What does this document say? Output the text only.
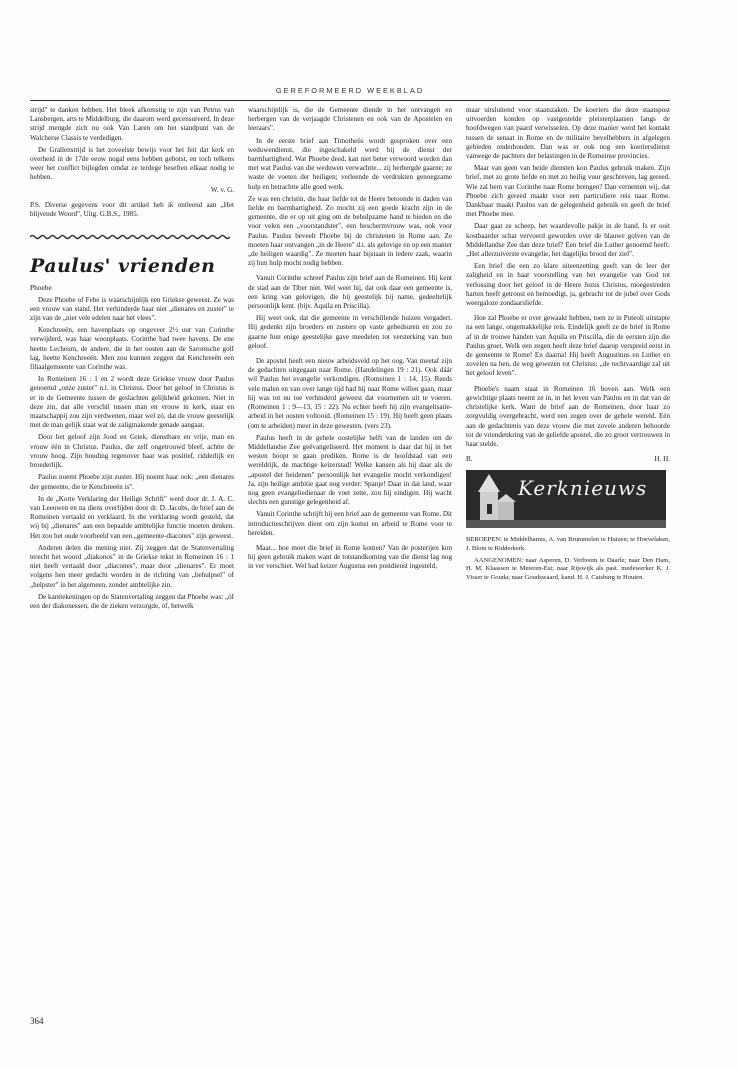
GEREFORMEERD WEEKBLAD

strijd" te danken hebben. Het bleek afkomstig te zijn van Petrus van Lansbergen, arts te Middelburg, die daarom werd gecensureerd. In deze strijd mengde zich nu ook Van Laren om het standpunt van de Walcherse Classis te verdedigen.

De Grallenstrijd is het zoveelste bewijs voor het feit dat kerk en overheid in de 17de eeuw nogal eens hebben gebotst, en toch telkens weer het conflict bijlegden omdat ze terdege beseften elkaar nodig te hebben.

W. v. G.

P.S. Diverse gegevens voor dit artikel heb ik ontleend aan „Het blijvende Woord", Uitg. G.B.S., 1985.

Paulus' vrienden

Phoebe

Deze Phoebe of Febe is waarschijnlijk een Griekse geweest. Ze was een vrouw van stand. Het verhinderde haar niet „dienares en zuster" te zijn van de „niet vele edelen naar het vlees".

Kenchreeën, een havenplaats op ongeveer 2½ uur van Corinthe verwijderd, was haar woonplaats. Corinthe had twee havens. De ene heette Lecheum, de andere, die in het oosten aan de Saronische golf lag, heette Kenchreeën. Men zou kunnen zeggen dat Kenchreeën een filiaalgemeente van Corinthe was.

In Romeinen 16 : 1 en 2 wordt deze Griekse vrouw door Paulus genoemd „onze zuster" n.l. in Christus. Door het geloof in Christus is er in de Gemeente tussen de geslachten gelijkheid gekomen. Niet in deze zin, dat alle verschil tussen man en vrouw in kerk, staat en maatschappij zou zijn verdwenen, maar wel zó, dat de vrouw geestelijk met de man gelijk staat wat de zaligmakende genade aangaat.

Door het geloof zijn Jood en Griek, dienstbare en vrije, man en vrouw één in Christus. Paulus, die zelf ongetrouwd bleef, achtte de vrouw hoog. Zijn houding tegenover haar was positief, ridderlijk en broederlijk.

Paulus noemt Phoebe zijn zuster. Hij noemt haar ook: „een dienares der gemeente, die te Kenchreeën is".

In de „Korte Verklaring der Heilige Schrift" werd door dr. J. A. C. van Leeuwen en na diens overlijden door dr. D. Jacobs, de brief aan de Romeinen vertaald en verklaard. In die verklaring wordt gesteld, dat wij bij „dienares" aan een bepaalde ambtelijke functie moeten denken. Het zou het oude voorbeeld van een „gemeente-diacones" zijn geweest.

Anderen delen die mening niet. Zij zeggen dat de Statenvertaling terecht het woord „diakonos" in de Griekse tekst in Romeinen 16 : 1 niet heeft vertaald door „diacones", maar door „dienares". Er moet volgens hen meer gedacht worden in de richting van „behulpsel" of „helpster" in het algemeen, zonder ambtelijke zin.

De kanttekeningen op de Statenvertaling zeggen dat Phoebe was: „óf een der diakonessen, die de zieken verzorgde, óf, hetwelk

waarschijnlijk is, die de Gemeente diende in het ontvangen en herbergen van de verjaagde Christenen en ook van de Apostelen en leeraars".

In de eerste brief aan Timotheüs wordt gesproken over een weduwendienst, die ingeschakeld werd bij de dienst der barmhartigheid. Wat Phoebe deed, kan niet beter verwoord worden dan met wat Paulus van die weduwen verwachtte... zij herbergde gaarne; ze waste de voeten der heiligen; verleende de verdrukten genoegzame hulp en betrachtte alle goed werk.

Ze was een christin, die haar liefde tot de Heere betoonde in daden van liefde en barmhartigheid. Zo mocht zij een goede kracht zijn in de gemeente, die er op uit ging om de behulpzame hand te bieden en die voor velen een „voorstandster", een beschermvrouw was, ook voor Paulus. Paulus beveelt Phoebe bij de christenen in Rome aan. Ze moeten haar ontvangen „in de Heere" d.i. als gelovige en op een manier „de heiligen waardig". Ze moeten haar bijstaan in iedere zaak, waarin zij hun hulp mocht nodig hebben.

Vanuit Corinthe schreef Paulus zijn brief aan de Romeinen. Hij kent de stad aan de Tiber niet. Wel weet hij, dat ook daar een gemeente is, een kring van gelovigen, die hij geestelijk bij name, gedeeltelijk persoonlijk kent. (bijv. Aquila en Priscilla).

Hij weet ook, dat die gemeente in verschillende huizen vergadert. Hij gedenkt zijn broeders en zusters op vaste gebedsuren en zou zo gaarne hun enige geestelijke gave meedelen tot versterking van hun geloof.

De apostel heeft een nieuw arbeidsveld op het oog. Van meetaf zijn de gedachten uitgegaan naar Rome. (Handelingen 19 : 21). Ook dáár wil Paulus het evangelie verkondigen. (Romeinen 1 : 14, 15). Reeds vele malen en van over lange tijd had hij naar Rome willen gaan, maar hij was tot nu toe verhinderd geweest dat voornemen uit te voeren. (Romeinen 1 : 9—13, 15 : 22). Nu echter heeft hij zijn evangelisatie-arbeid in het oosten voltooid. (Romeinen 15 : 19). Hij heeft geen plaats (om te arbeiden) meer in deze gewesten. (vers 23).

Paulus heeft in de gehele oostelijke helft van de landen om de Middellandse Zee geëvangeliseerd. Het moment is daar dat hij in het westen hoopt te gaan prediken. Rome is de hoofdstad van een wereldrijk, de machtige keizerstad! Welke kansen als hij daar als de „apostel der heidenen" persoonlijk het evangelie mocht verkondigen! Ja, zijn heilige ambitie gaat nog verder: Spanje! Daar in dat land, waar nog geen evangeliedienaar de voet zette, zou hij eindigen. Hij wacht slechts een gunstige gelegenheid af.

Vanuit Corinthe schrijft hij een brief aan de gemeente van Rome. Dit introductieschrijven dient om zijn komst en arbeid te Rome voor te bereiden.

Maar... hoe moet die brief in Rome komen? Van de posterijen kon hij geen gebruik maken want de totstandkoming van die dienst lag nog in ver verschiet. Wel had keizer Augustus een postdienst ingesteld,

maar uitsluitend voor staatszaken. De koeriers die deze staatspost uitvoerden konden op vastgestelde pleisterplaatsen langs de hoofdwegen van paard verwisselen. Op deze manier werd het kontakt tussen de senaat in Rome en de militaire bevelhebbers in afgelegen gebieden onderhouden. Dan was er ook nog een koeriersdienst vanwege de pachters der belastingen in de Romeinse provincies.

Maar van geen van beide diensten kon Paulus gebruik maken. Zijn brief, met zo grote liefde en met zo heilig vuur geschreven, lag gereed. Wie zal hem van Corinthe naar Rome brengen? Dan vernemen wij, dat Phoebe zich gereed maakt voor een particuliere reis naar Rome. Dankbaar maakt Paulus van de gelegenheid gebruik en geeft de brief met Phoebe mee.

Daar gaat ze scheep, het waardevolle pakje in de hand. Is er ooit kostbaarder schat vervoerd geworden over de blauwe golven van de Middellandse Zee dan deze brief? Een brief die Luther genoemd heeft: „Het allerzuiverste evangelie, het dagelijks brood der ziel".

Een brief die een zo klare uiteenzetting geeft van de leer der zaligheid en in haar voorstelling van het evangelie van God tot verlossing door het geloof in de Heere Jezus Christus, moegestreden harten heeft getroost en bemoedigt, ja, gebracht tot de jubel over Gods weergaloze zondaarsliefde.

Hoe zal Phoebe er over gewaakt hebben, toen ze in Puteoli uitstapte na een lange, ongemakkelijke reis. Eindelijk geeft ze de brief in Rome af in de trouwe handen van Aquila en Priscilla, die de eersten zijn die Paulus groet. Welk een zegen heeft deze brief daarop verspreid eerst in de gemeente te Rome! En daarna! Hij heeft Augustinus en Luther en zovelen na hen, de weg gewezen tot Christus: „de rechtvaardige zal uit het geloof leven".

Phoebe's naam staat in Romeinen 16 boven aan. Welk een gewichtige plaats neemt ze in, in het leven van Paulus en in dat van de christelijke kerk. Want de brief aan de Romeinen, door haar zo zorgvuldig overgebracht, werd een zegen over de gehele wereld. Eén aan de gedachtenis van deze vrouw die met zovele anderen behoorde tot de vriendenkring van de geliefde apostel, die zo groot vertrouwen in haar stelde.

B.	H. H.
Kerknieuws

BEROEPEN: te Middelharnis, A. van Brummelen te Huizen; te Hoevelaken, J. Blom te Ridderkerk.

AANGENOMEN: naar Asperen, D. Verboom te Daarle; naar Den Ham, H. M. Klaassen te Meteren-Est; naar Rijswijk als past. medewerker K. J. Visser te Gouda; naar Goudswaard, kand. H. J. Catsburg te Houten.

364
